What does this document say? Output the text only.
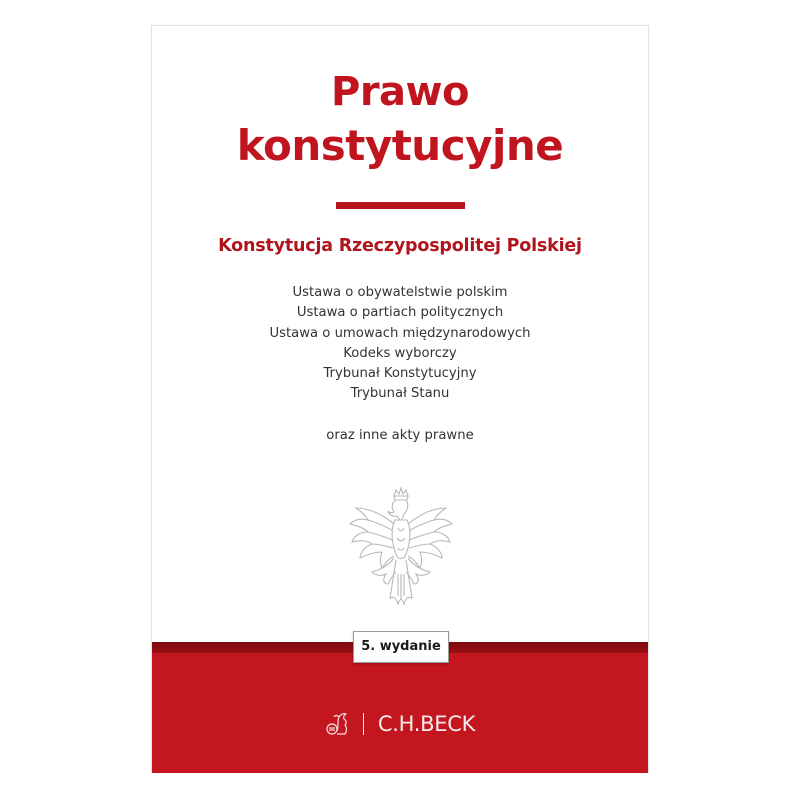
Prawo
konstytucyjne
Konstytucja Rzeczypospolitej Polskiej
Ustawa o obywatelstwie polskim
Ustawa o partiach politycznych
Ustawa o umowach międzynarodowych
Kodeks wyborczy
Trybunał Konstytucyjny
Trybunał Stanu
oraz inne akty prawne
5. wydanie
C.H.BECK
